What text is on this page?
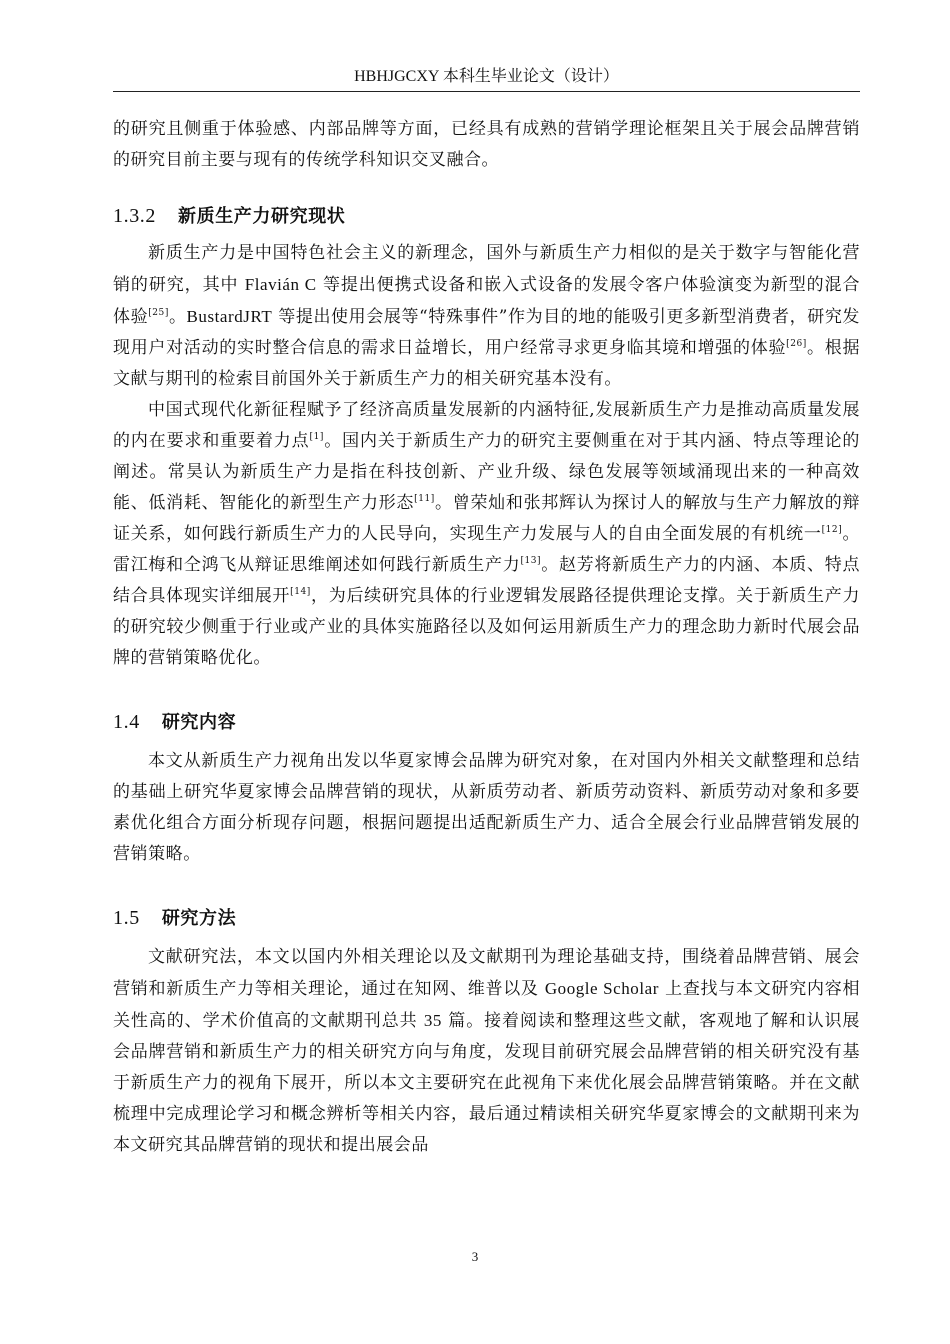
HBHJGCXY 本科生毕业论文（设计）

的研究且侧重于体验感、内部品牌等方面，已经具有成熟的营销学理论框架且关于展会品牌营销的研究目前主要与现有的传统学科知识交叉融合。

1.3.2 新质生产力研究现状

新质生产力是中国特色社会主义的新理念，国外与新质生产力相似的是关于数字与智能化营销的研究，其中 Flavián C 等提出便携式设备和嵌入式设备的发展令客户体验演变为新型的混合体验[25]。BustardJRT 等提出使用会展等“特殊事件”作为目的地的能吸引更多新型消费者，研究发现用户对活动的实时整合信息的需求日益增长，用户经常寻求更身临其境和增强的体验[26]。根据文献与期刊的检索目前国外关于新质生产力的相关研究基本没有。

中国式现代化新征程赋予了经济高质量发展新的内涵特征,发展新质生产力是推动高质量发展的内在要求和重要着力点[1]。国内关于新质生产力的研究主要侧重在对于其内涵、特点等理论的阐述。常昊认为新质生产力是指在科技创新、产业升级、绿色发展等领域涌现出来的一种高效能、低消耗、智能化的新型生产力形态[11]。曾荣灿和张邦辉认为探讨人的解放与生产力解放的辩证关系，如何践行新质生产力的人民导向，实现生产力发展与人的自由全面发展的有机统一[12]。雷江梅和仝鸿飞从辩证思维阐述如何践行新质生产力[13]。赵芳将新质生产力的内涵、本质、特点结合具体现实详细展开[14]，为后续研究具体的行业逻辑发展路径提供理论支撑。关于新质生产力的研究较少侧重于行业或产业的具体实施路径以及如何运用新质生产力的理念助力新时代展会品牌的营销策略优化。

1.4 研究内容

本文从新质生产力视角出发以华夏家博会品牌为研究对象，在对国内外相关文献整理和总结的基础上研究华夏家博会品牌营销的现状，从新质劳动者、新质劳动资料、新质劳动对象和多要素优化组合方面分析现存问题，根据问题提出适配新质生产力、适合全展会行业品牌营销发展的营销策略。

1.5 研究方法

文献研究法，本文以国内外相关理论以及文献期刊为理论基础支持，围绕着品牌营销、展会营销和新质生产力等相关理论，通过在知网、维普以及 Google Scholar 上查找与本文研究内容相关性高的、学术价值高的文献期刊总共 35 篇。接着阅读和整理这些文献，客观地了解和认识展会品牌营销和新质生产力的相关研究方向与角度，发现目前研究展会品牌营销的相关研究没有基于新质生产力的视角下展开，所以本文主要研究在此视角下来优化展会品牌营销策略。并在文献梳理中完成理论学习和概念辨析等相关内容，最后通过精读相关研究华夏家博会的文献期刊来为本文研究其品牌营销的现状和提出展会品

3
